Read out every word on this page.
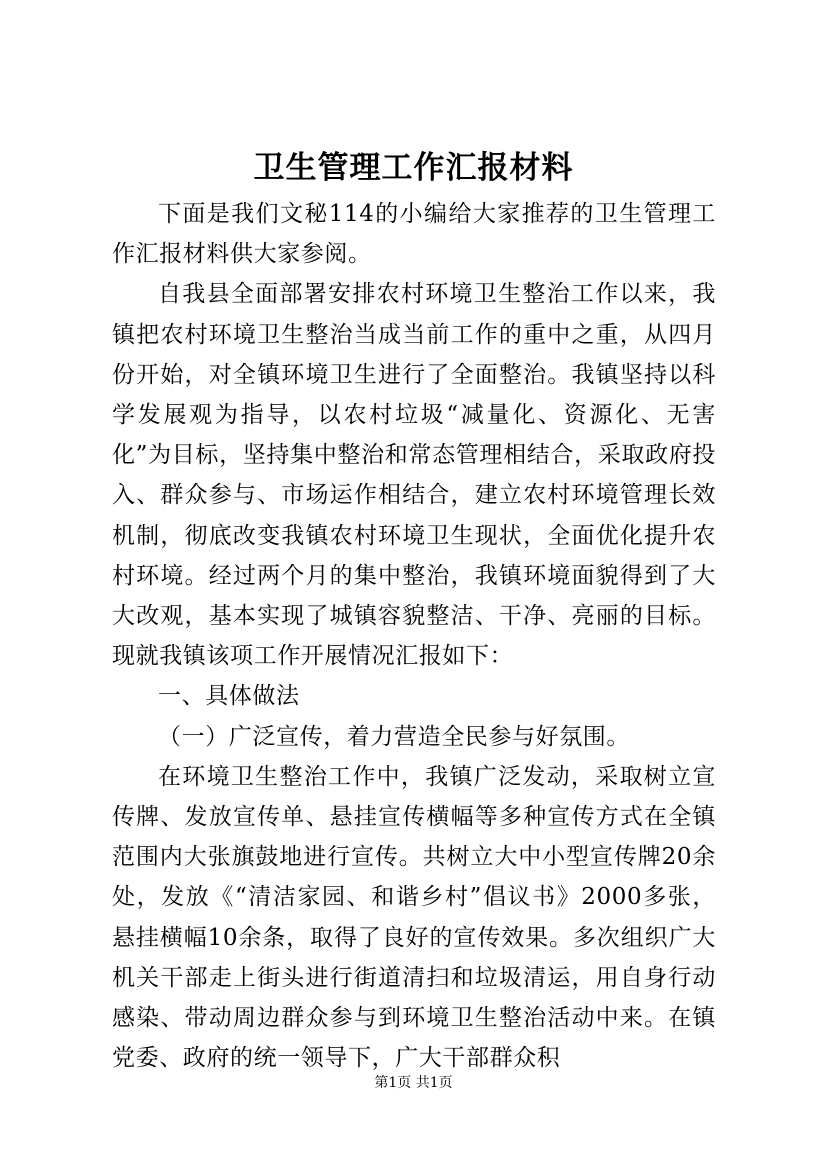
卫生管理工作汇报材料

下面是我们文秘114的小编给大家推荐的卫生管理工作汇报材料供大家参阅。

自我县全面部署安排农村环境卫生整治工作以来，我镇把农村环境卫生整治当成当前工作的重中之重，从四月份开始，对全镇环境卫生进行了全面整治。我镇坚持以科学发展观为指导，以农村垃圾“减量化、资源化、无害化”为目标，坚持集中整治和常态管理相结合，采取政府投入、群众参与、市场运作相结合，建立农村环境管理长效机制，彻底改变我镇农村环境卫生现状，全面优化提升农村环境。经过两个月的集中整治，我镇环境面貌得到了大大改观，基本实现了城镇容貌整洁、干净、亮丽的目标。现就我镇该项工作开展情况汇报如下：

一、具体做法

（一）广泛宣传，着力营造全民参与好氛围。

在环境卫生整治工作中，我镇广泛发动，采取树立宣传牌、发放宣传单、悬挂宣传横幅等多种宣传方式在全镇范围内大张旗鼓地进行宣传。共树立大中小型宣传牌20余处，发放《“清洁家园、和谐乡村”倡议书》2000多张，悬挂横幅10余条，取得了良好的宣传效果。多次组织广大机关干部走上街头进行街道清扫和垃圾清运，用自身行动感染、带动周边群众参与到环境卫生整治活动中来。在镇党委、政府的统一领导下，广大干部群众积

第1页 共1页
